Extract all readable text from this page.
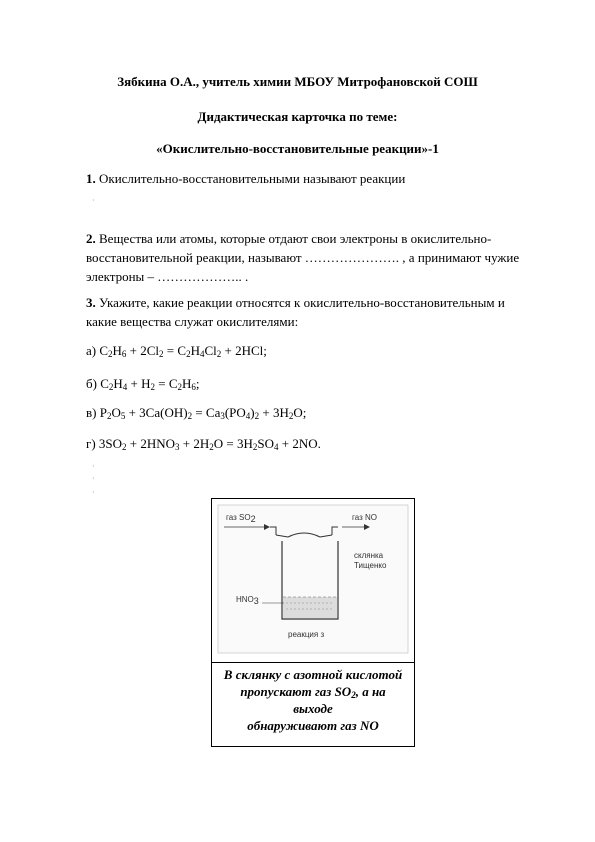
Зябкина О.А., учитель химии МБОУ Митрофановской СОШ
Дидактическая карточка по теме:
«Окислительно-восстановительные реакции»-1
1. Окислительно-восстановительными называют реакции
·
2. Вещества или атомы, которые отдают свои электроны в окислительно-
восстановительной реакции, называют …………………. , а принимают чужие
электроны – ……………….. .
3. Укажите, какие реакции относятся к окислительно-восстановительным и
какие вещества служат окислителями:
а) $C_2H_6 + 2Cl_2 = C_2H_4Cl_2 + 2HCl$;
б) $C_2H_4 + H_2 = C_2H_6$;
в) $P_2O_5 + 3Ca(OH)_2 = Ca_3(PO_4)_2 + 3H_2O$;
г) $3SO_2 + 2HNO_3 + 2H_2O = 3H_2SO_4 + 2NO$.
·
·
·
газ $SO_2$	газ NO
склянка
Тищенко
$HNO_3$
реакция з
В склянку с азотной кислотой
пропускают газ $SO_2$, а на
выходе
обнаруживают газ NO
